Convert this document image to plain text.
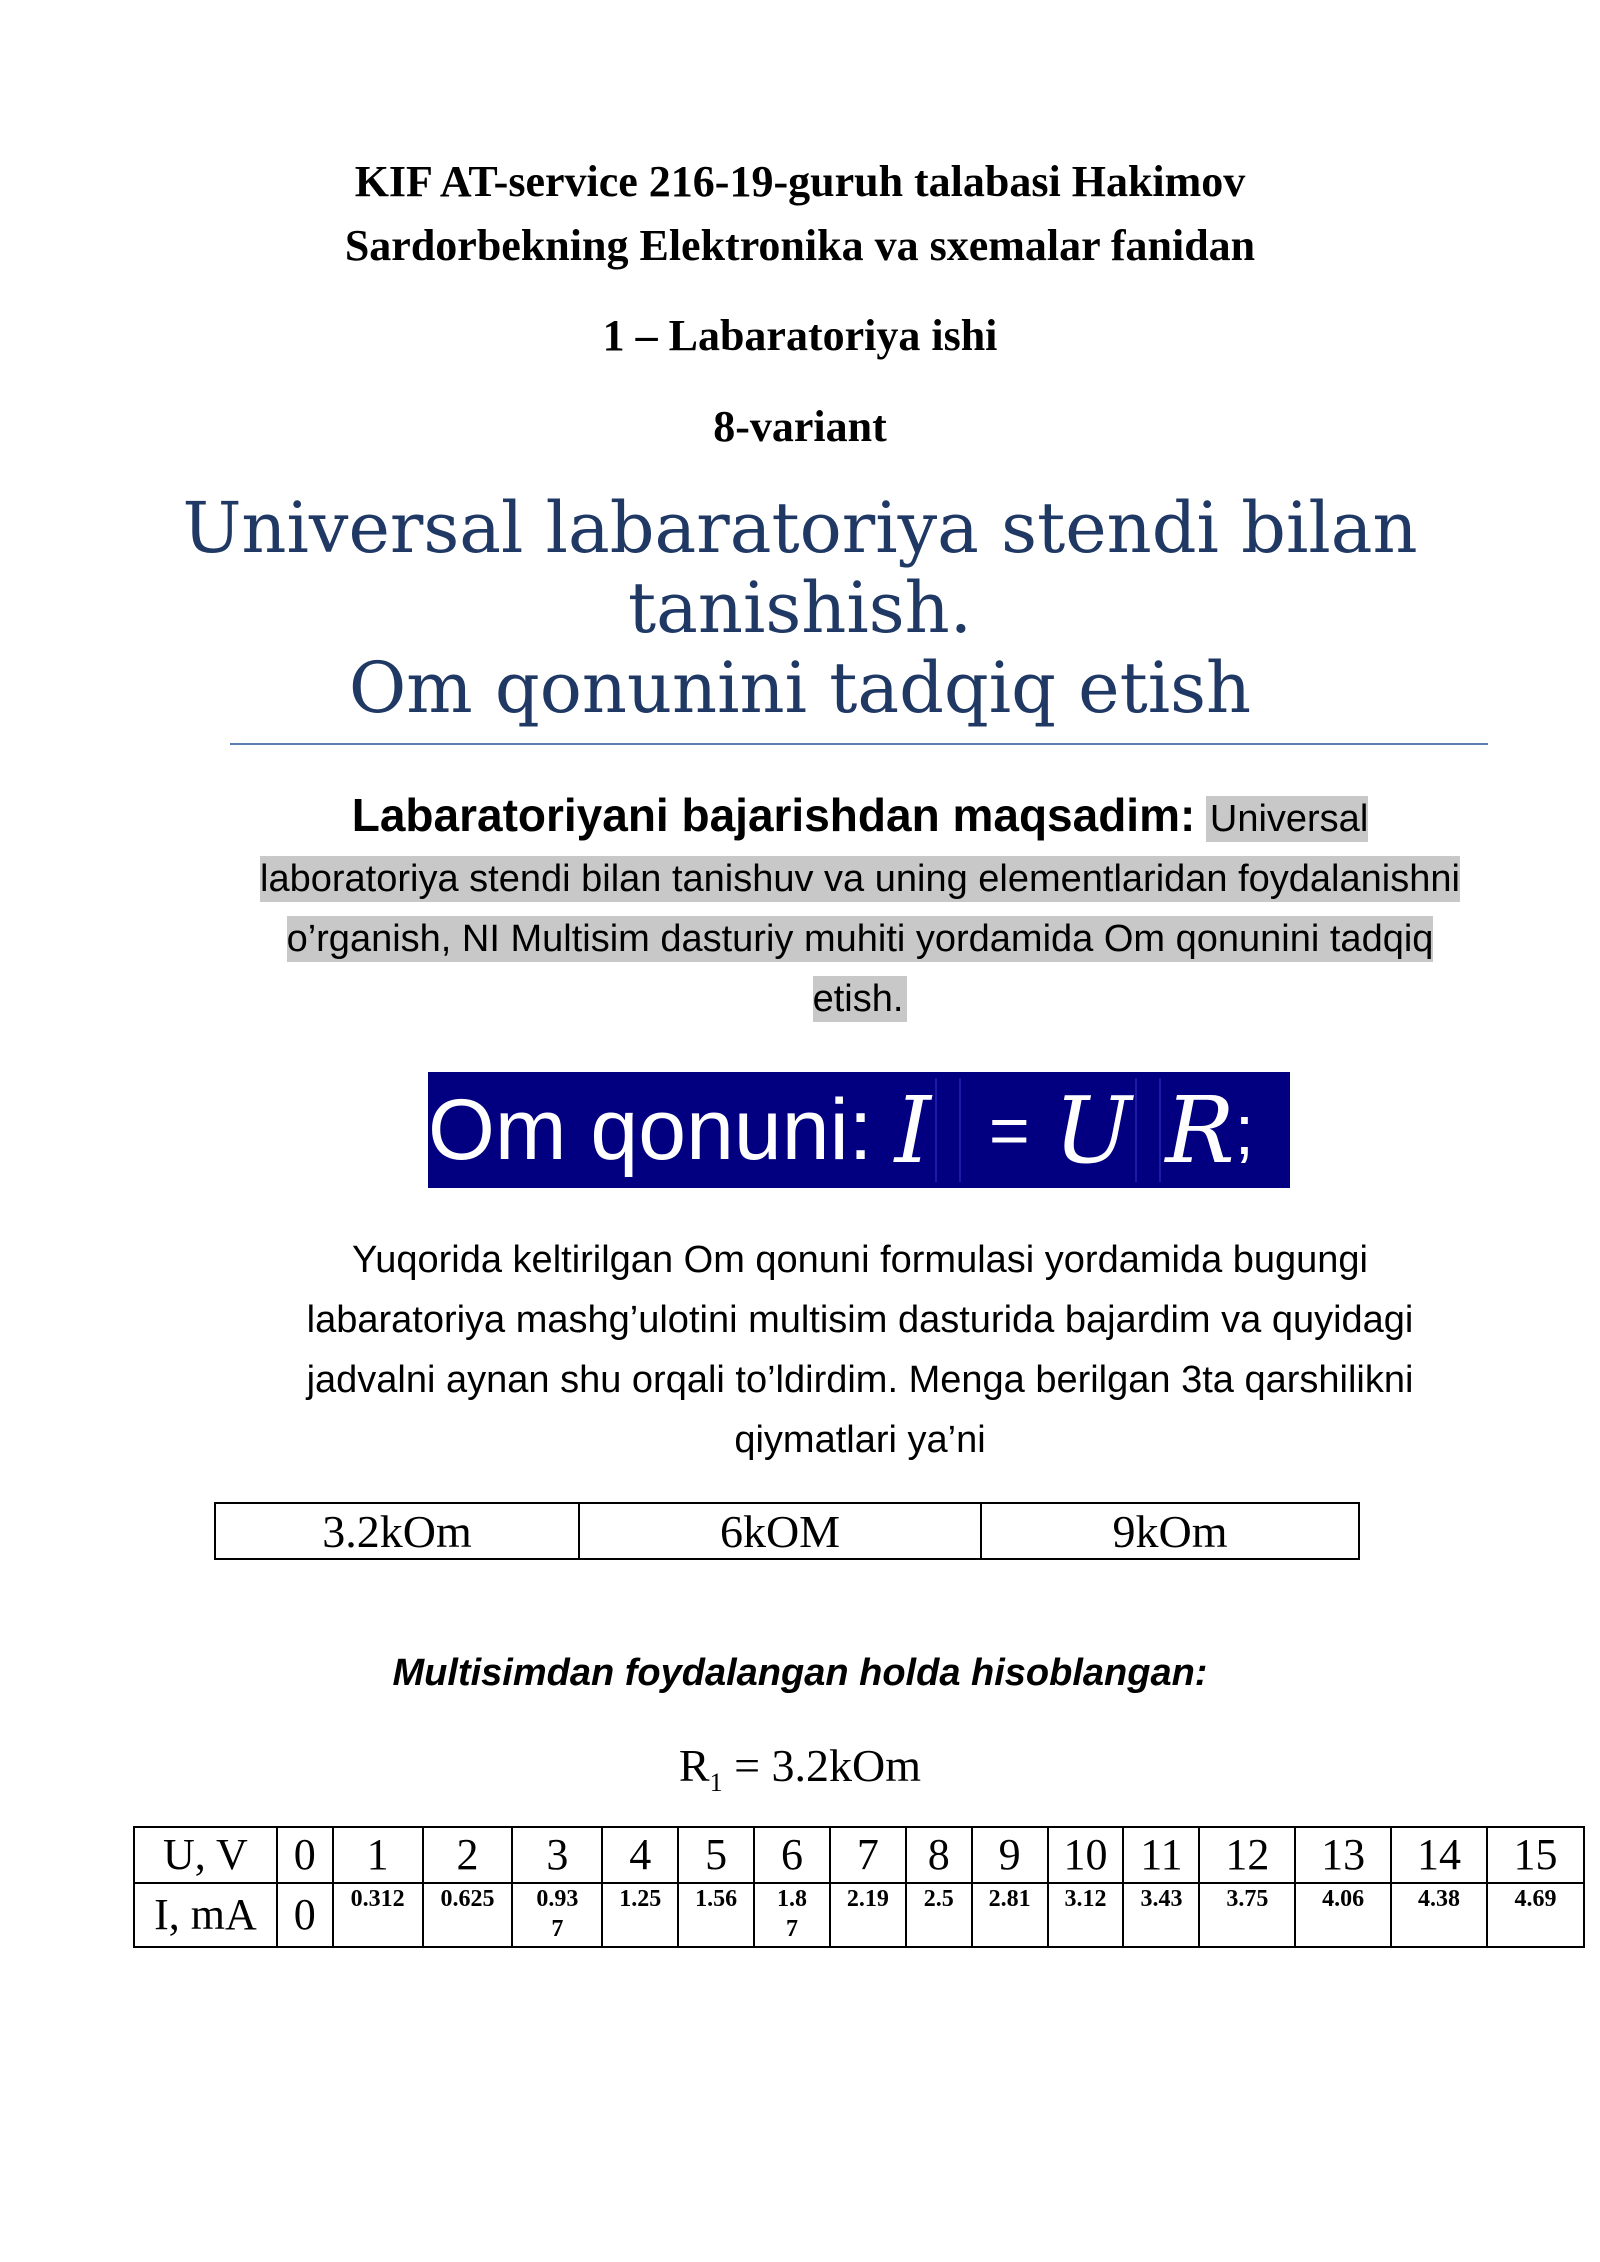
KIF AT-service 216-19-guruh talabasi Hakimov
Sardorbekning Elektronika va sxemalar fanidan
1 – Labaratoriya ishi
8-variant
Universal labaratoriya stendi bilan
tanishish.
Om qonunini tadqiq etish
Labaratoriyani bajarishdan maqsadim: Universal laboratoriya stendi bilan tanishuv va uning elementlaridan foydalanishni o’rganish, NI Multisim dasturiy muhiti yordamida Om qonunini tadqiq etish.
Om qonuni: I = U R ;
Yuqorida keltirilgan Om qonuni formulasi yordamida bugungi labaratoriya mashg’ulotini multisim dasturida bajardim va quyidagi jadvalni aynan shu orqali to’ldirdim. Menga berilgan 3ta qarshilikni qiymatlari ya’ni
3.2kOm	6kOM	9kOm
Multisimdan foydalangan holda hisoblangan:
$R_1 = 3.2kOm$
U, V	0	1	2	3	4	5	6	7	8	9	10	11	12	13	14	15
I, mA	0	0.312	0.625	0.937	1.25	1.56	1.87	2.19	2.5	2.81	3.12	3.43	3.75	4.06	4.38	4.69
